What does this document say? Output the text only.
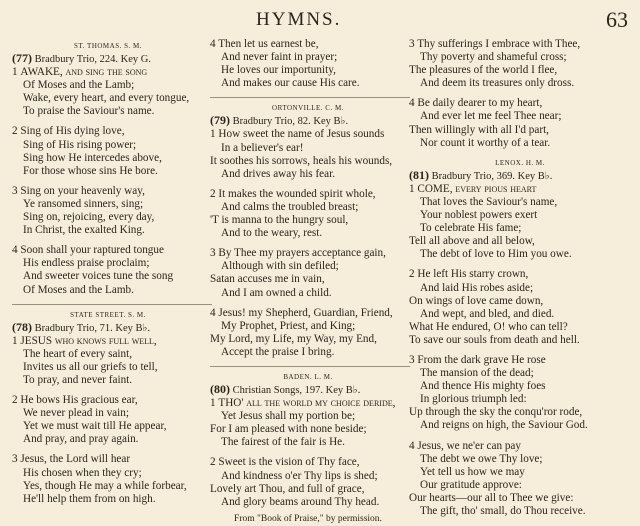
HYMNS.	63
ST. THOMAS. S. M.
(77) Bradbury Trio, 224. Key G.
1 AWAKE, and sing the song
Of Moses and the Lamb;
Wake, every heart, and every tongue,
To praise the Saviour's name.
2 Sing of His dying love,
Sing of His rising power;
Sing how He intercedes above,
For those whose sins He bore.
3 Sing on your heavenly way,
Ye ransomed sinners, sing;
Sing on, rejoicing, every day,
In Christ, the exalted King.
4 Soon shall your raptured tongue
His endless praise proclaim;
And sweeter voices tune the song
Of Moses and the Lamb.
STATE STREET. S. M.
(78) Bradbury Trio, 71. Key B♭.
1 JESUS who knows full well,
The heart of every saint,
Invites us all our griefs to tell,
To pray, and never faint.
2 He bows His gracious ear,
We never plead in vain;
Yet we must wait till He appear,
And pray, and pray again.
3 Jesus, the Lord will hear
His chosen when they cry;
Yes, though He may a while forbear,
He'll help them from on high.
4 Then let us earnest be,
And never faint in prayer;
He loves our importunity,
And makes our cause His care.
ORTONVILLE. C. M.
(79) Bradbury Trio, 82. Key B♭.
1 How sweet the name of Jesus sounds
In a believer's ear!
It soothes his sorrows, heals his wounds,
And drives away his fear.
2 It makes the wounded spirit whole,
And calms the troubled breast;
'T is manna to the hungry soul,
And to the weary, rest.
3 By Thee my prayers acceptance gain,
Although with sin defiled;
Satan accuses me in vain,
And I am owned a child.
4 Jesus! my Shepherd, Guardian, Friend,
My Prophet, Priest, and King;
My Lord, my Life, my Way, my End,
Accept the praise I bring.
BADEN. L. M.
(80) Christian Songs, 197. Key B♭.
1 THO' all the world my choice deride,
Yet Jesus shall my portion be;
For I am pleased with none beside;
The fairest of the fair is He.
2 Sweet is the vision of Thy face,
And kindness o'er Thy lips is shed;
Lovely art Thou, and full of grace,
And glory beams around Thy head.
From "Book of Praise," by permission.
3 Thy sufferings I embrace with Thee,
Thy poverty and shameful cross;
The pleasures of the world I flee,
And deem its treasures only dross.
4 Be daily dearer to my heart,
And ever let me feel Thee near;
Then willingly with all I'd part,
Nor count it worthy of a tear.
LENOX. H. M.
(81) Bradbury Trio, 369. Key B♭.
1 COME, every pious heart
That loves the Saviour's name,
Your noblest powers exert
To celebrate His fame;
Tell all above and all below,
The debt of love to Him you owe.
2 He left His starry crown,
And laid His robes aside;
On wings of love came down,
And wept, and bled, and died.
What He endured, O! who can tell?
To save our souls from death and hell.
3 From the dark grave He rose
The mansion of the dead;
And thence His mighty foes
In glorious triumph led:
Up through the sky the conqu'ror rode,
And reigns on high, the Saviour God.
4 Jesus, we ne'er can pay
The debt we owe Thy love;
Yet tell us how we may
Our gratitude approve:
Our hearts—our all to Thee we give:
The gift, tho' small, do Thou receive.
